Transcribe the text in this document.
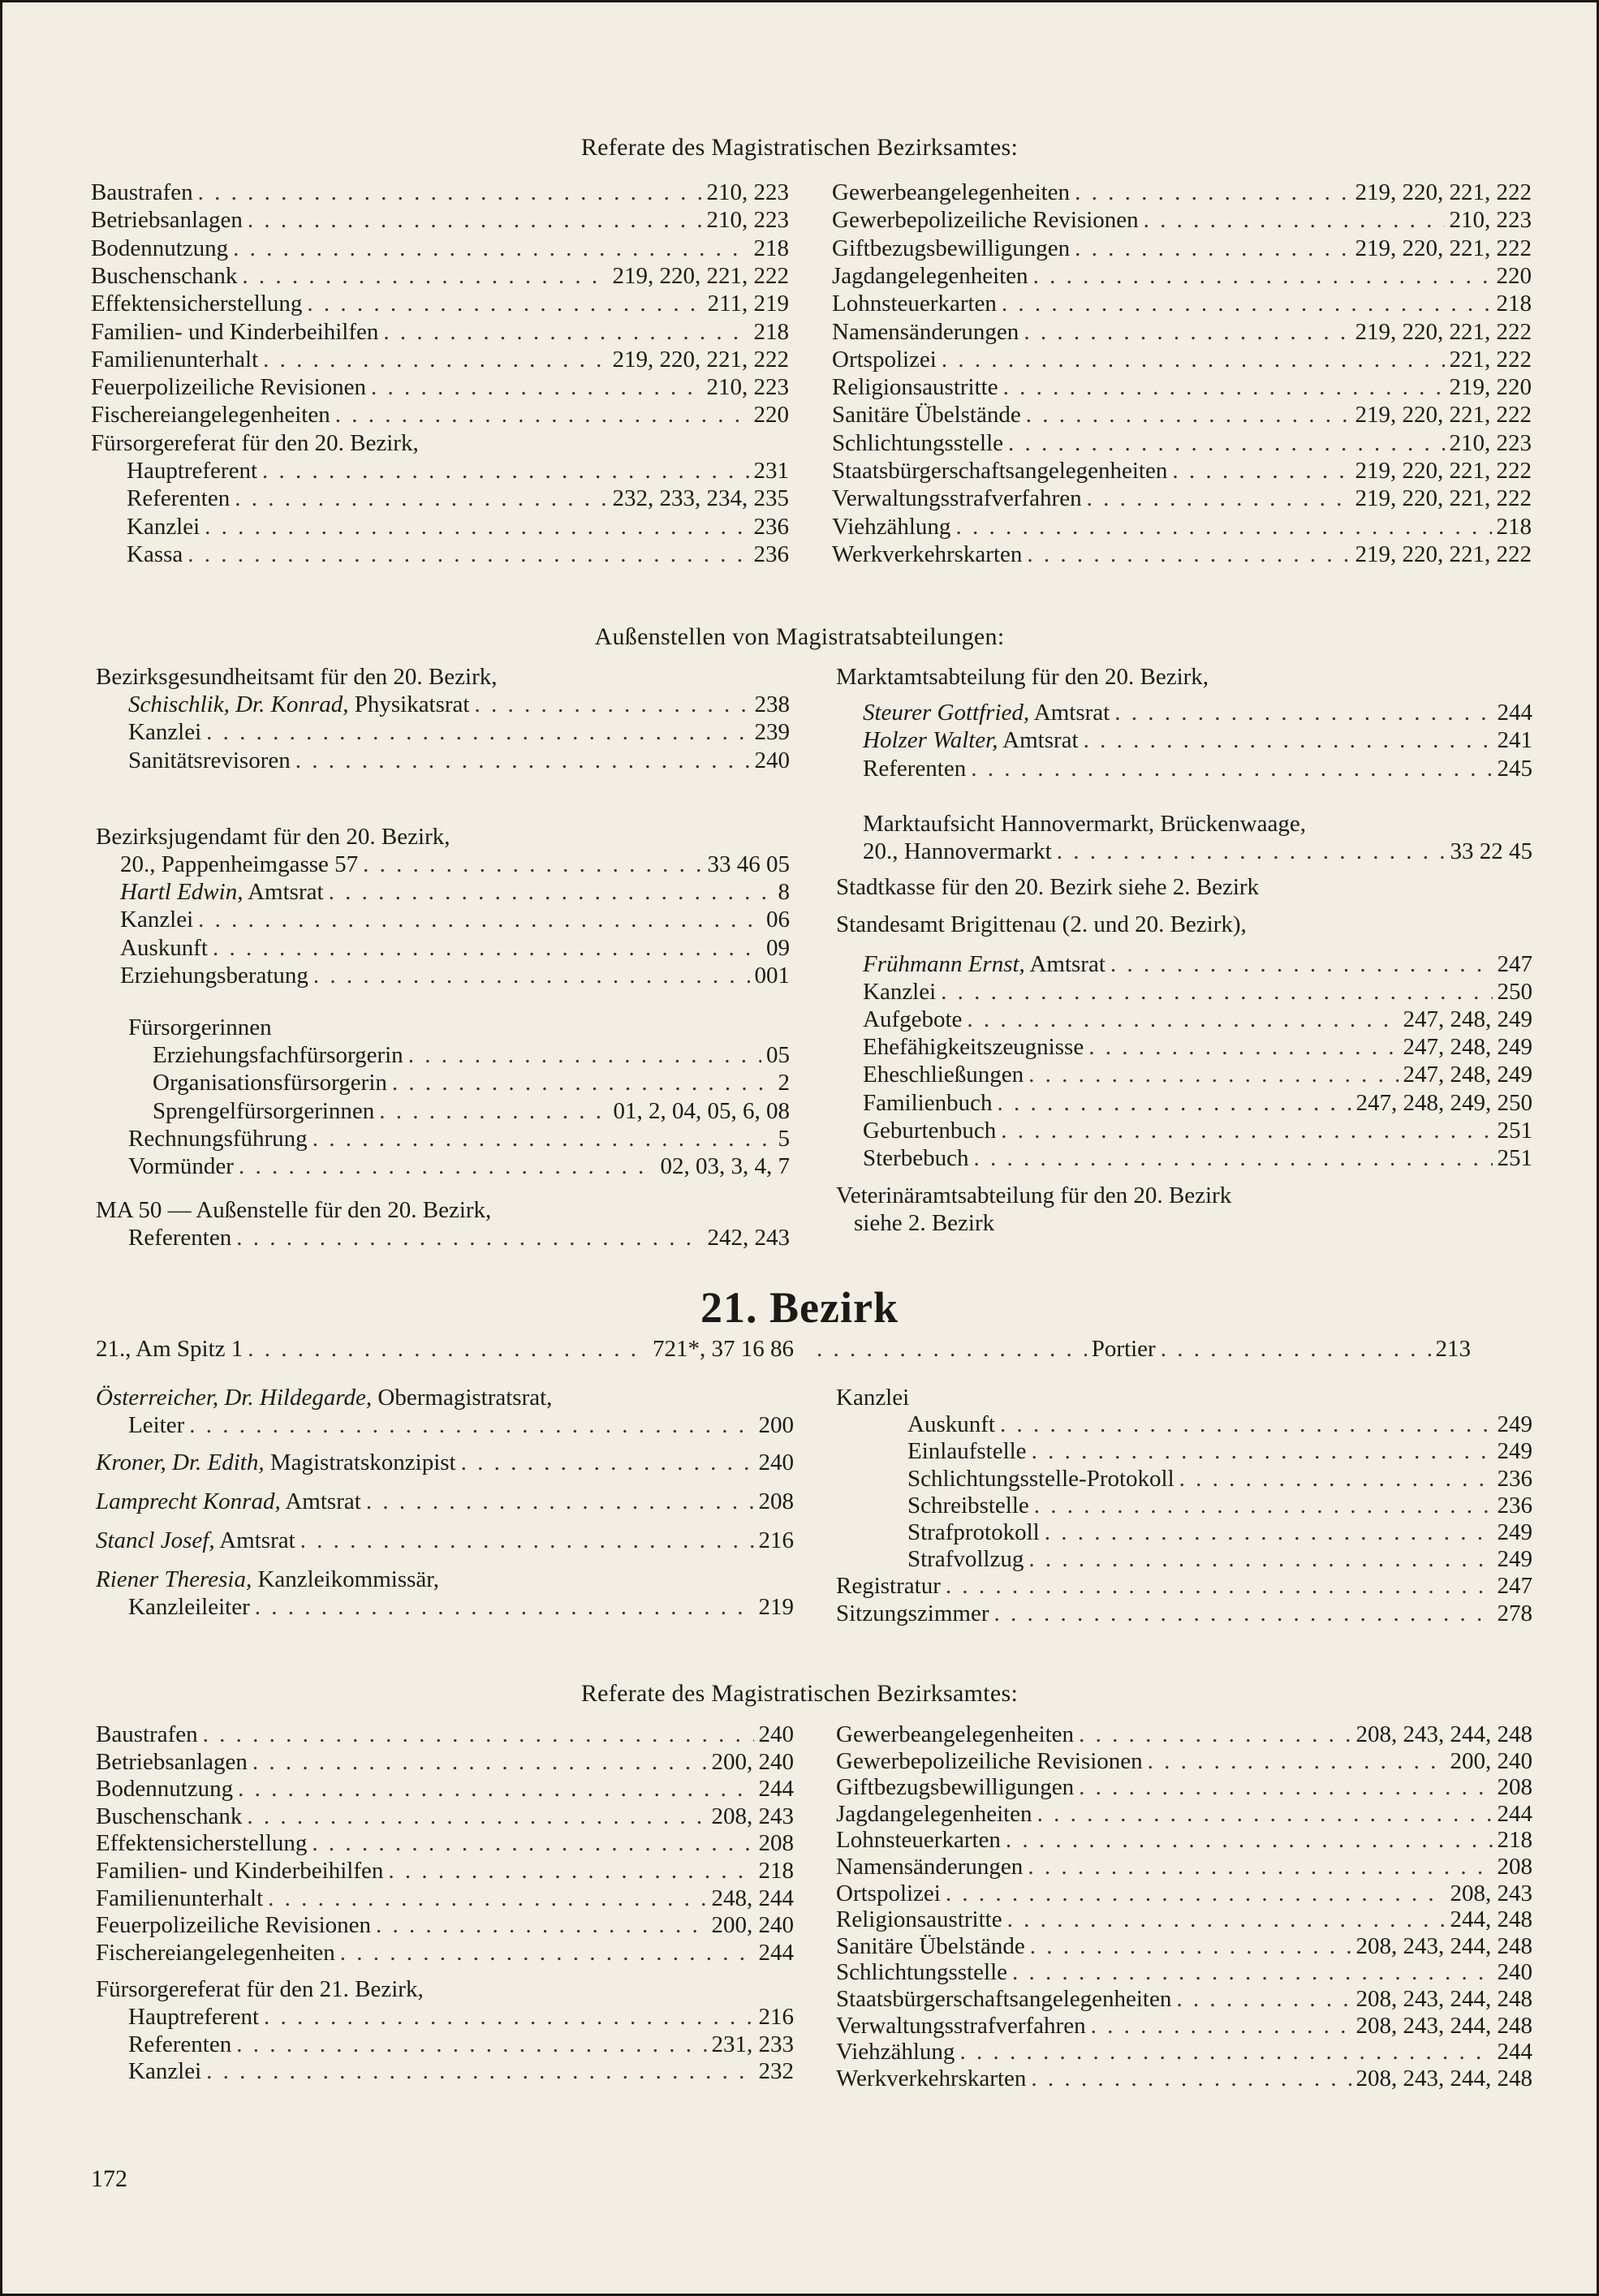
Referate des Magistratischen Bezirksamtes:
Außenstellen von Magistratsabteilungen:
21. Bezirk
Referate des Magistratischen Bezirksamtes:
Baustrafen . . .	210, 223
Betriebsanlagen . . .	210, 223
Bodennutzung . . .	218
Buschenschank . . .	219, 220, 221, 222
Effektensicherstellung . . .	211, 219
Familien- und Kinderbeihilfen . . .	218
Familienunterhalt . . .	219, 220, 221, 222
Feuerpolizeiliche Revisionen . . .	210, 223
Fischereiangelegenheiten . . .	220
Fürsorgereferat für den 20. Bezirk,
Hauptreferent . . .	231
Referenten . . .	232, 233, 234, 235
Kanzlei . . .	236
Kassa . . .	236
Gewerbeangelegenheiten . . .	219, 220, 221, 222
Gewerbepolizeiliche Revisionen . . .	210, 223
Giftbezugsbewilligungen . . .	219, 220, 221, 222
Jagdangelegenheiten . . .	220
Lohnsteuerkarten . . .	218
Namensänderungen . . .	219, 220, 221, 222
Ortspolizei . . .	221, 222
Religionsaustritte . . .	219, 220
Sanitäre Übelstände . . .	219, 220, 221, 222
Schlichtungsstelle . . .	210, 223
Staatsbürgerschaftsangelegenheiten . . .	219, 220, 221, 222
Verwaltungsstrafverfahren . . .	219, 220, 221, 222
Viehzählung . . .	218
Werkverkehrskarten . . .	219, 220, 221, 222
Bezirksgesundheitsamt für den 20. Bezirk,
Schischlik, Dr. Konrad, Physikatsrat . . .	238
Kanzlei . . .	239
Sanitätsrevisoren . . .	240
Bezirksjugendamt für den 20. Bezirk,
20., Pappenheimgasse 57 . . .	33 46 05
Hartl Edwin, Amtsrat . . .	8
Kanzlei . . .	06
Auskunft . . .	09
Erziehungsberatung . . .	001
Fürsorgerinnen
Erziehungsfachfürsorgerin . . .	05
Organisationsfürsorgerin . . .	2
Sprengelfürsorgerinnen . . .	01, 2, 04, 05, 6, 08
Rechnungsführung . . .	5
Vormünder . . .	02, 03, 3, 4, 7
MA 50 — Außenstelle für den 20. Bezirk,
Referenten . . .	242, 243
Marktamtsabteilung für den 20. Bezirk,
Steurer Gottfried, Amtsrat . . .	244
Holzer Walter, Amtsrat . . .	241
Referenten . . .	245
Marktaufsicht Hannovermarkt, Brückenwaage,
20., Hannovermarkt . . .	33 22 45
Stadtkasse für den 20. Bezirk siehe 2. Bezirk
Standesamt Brigittenau (2. und 20. Bezirk),
Frühmann Ernst, Amtsrat . . .	247
Kanzlei . . .	250
Aufgebote . . .	247, 248, 249
Ehefähigkeitszeugnisse . . .	247, 248, 249
Eheschließungen . . .	247, 248, 249
Familienbuch . . .	247, 248, 249, 250
Geburtenbuch . . .	251
Sterbebuch . . .	251
Veterinäramtsabteilung für den 20. Bezirk
siehe 2. Bezirk
Österreicher, Dr. Hildegarde, Obermagistratsrat,
Leiter . . .	200
Kroner, Dr. Edith, Magistratskonzipist . . .	240
Lamprecht Konrad, Amtsrat . . .	208
Stancl Josef, Amtsrat . . .	216
Riener Theresia, Kanzleikommissär,
Kanzleileiter . . .	219
Kanzlei
Auskunft . . .	249
Einlaufstelle . . .	249
Schlichtungsstelle-Protokoll . . .	236
Schreibstelle . . .	236
Strafprotokoll . . .	249
Strafvollzug . . .	249
Registratur . . .	247
Sitzungszimmer . . .	278
Baustrafen . . .	240
Betriebsanlagen . . .	200, 240
Bodennutzung . . .	244
Buschenschank . . .	208, 243
Effektensicherstellung . . .	208
Familien- und Kinderbeihilfen . . .	218
Familienunterhalt . . .	248, 244
Feuerpolizeiliche Revisionen . . .	200, 240
Fischereiangelegenheiten . . .	244
Fürsorgereferat für den 21. Bezirk,
Hauptreferent . . .	216
Referenten . . .	231, 233
Kanzlei . . .	232
Gewerbeangelegenheiten . . .	208, 243, 244, 248
Gewerbepolizeiliche Revisionen . . .	200, 240
Giftbezugsbewilligungen . . .	208
Jagdangelegenheiten . . .	244
Lohnsteuerkarten . . .	218
Namensänderungen . . .	208
Ortspolizei . . .	208, 243
Religionsaustritte . . .	244, 248
Sanitäre Übelstände . . .	208, 243, 244, 248
Schlichtungsstelle . . .	240
Staatsbürgerschaftsangelegenheiten . . .	208, 243, 244, 248
Verwaltungsstrafverfahren . . .	208, 243, 244, 248
Viehzählung . . .	244
Werkverkehrskarten . . .	208, 243, 244, 248
21., Am Spitz 1 . . .	721*, 37 16 86 . . .	Portier . . .	213
172
